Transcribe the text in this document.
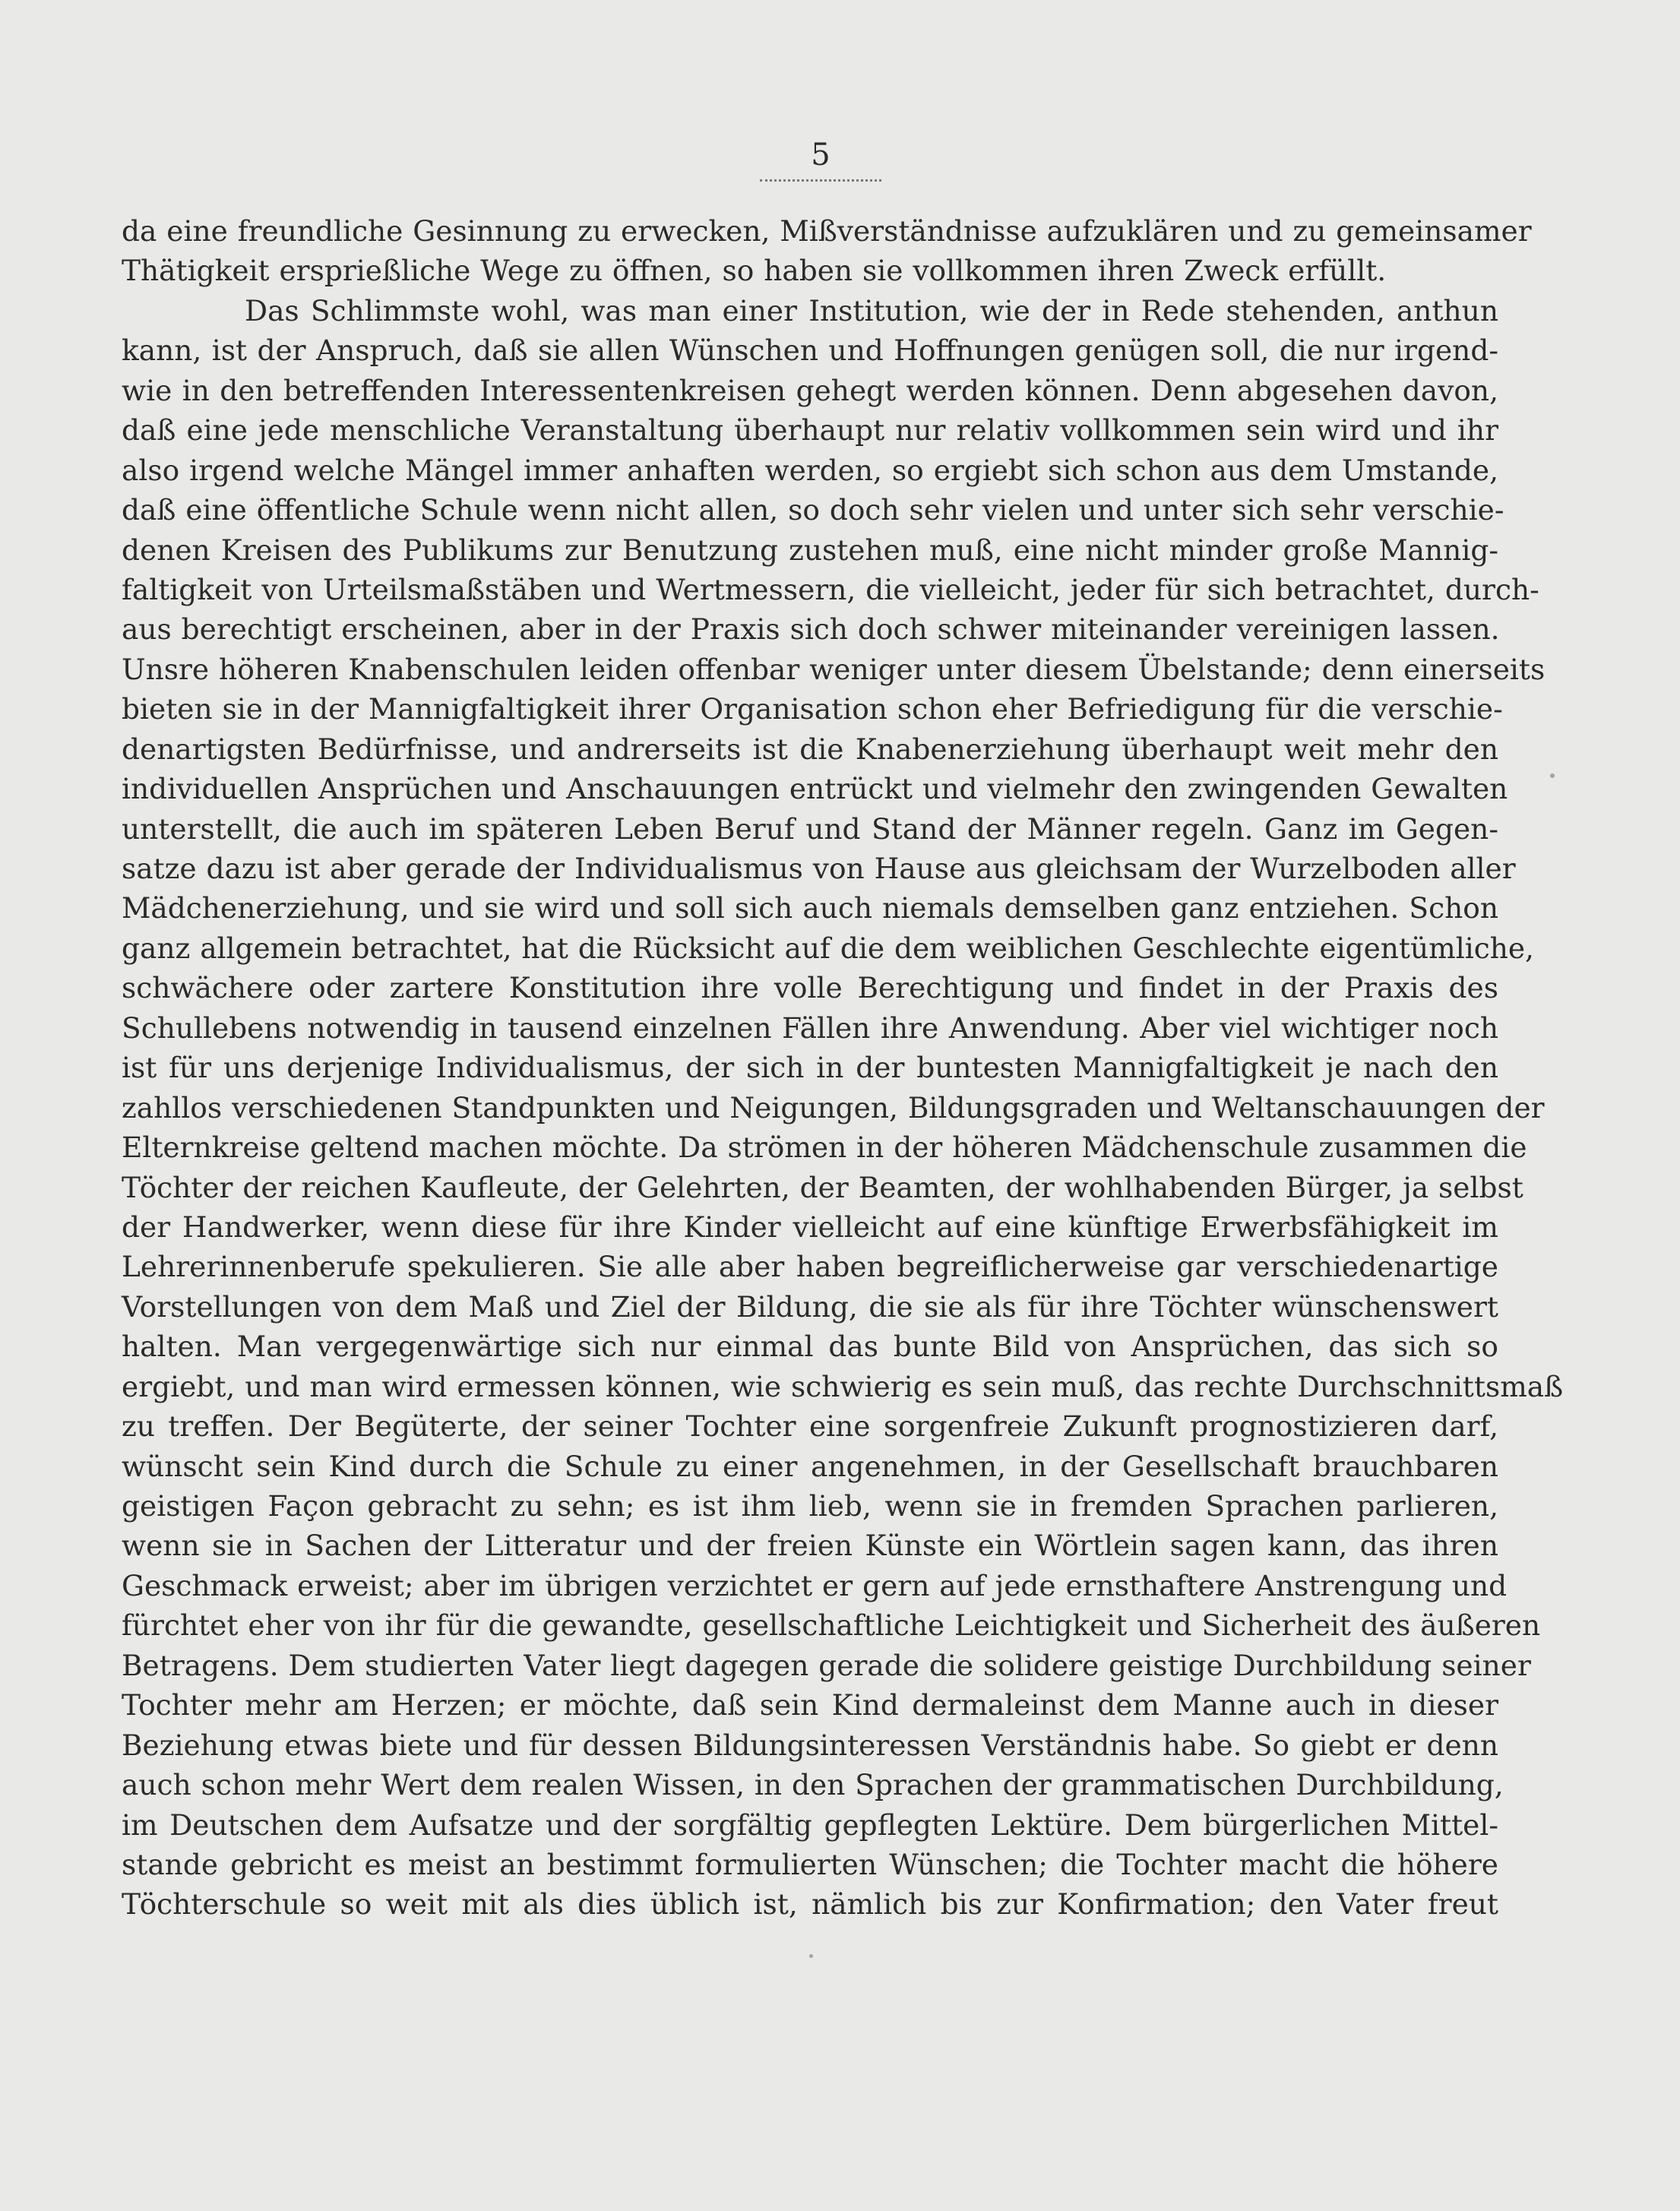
5
da eine freundliche Gesinnung zu erwecken, Mißverständnisse aufzuklären und zu gemeinsamer
Thätigkeit ersprießliche Wege zu öffnen, so haben sie vollkommen ihren Zweck erfüllt.
Das Schlimmste wohl, was man einer Institution, wie der in Rede stehenden, anthun
kann, ist der Anspruch, daß sie allen Wünschen und Hoffnungen genügen soll, die nur irgend-
wie in den betreffenden Interessentenkreisen gehegt werden können. Denn abgesehen davon,
daß eine jede menschliche Veranstaltung überhaupt nur relativ vollkommen sein wird und ihr
also irgend welche Mängel immer anhaften werden, so ergiebt sich schon aus dem Umstande,
daß eine öffentliche Schule wenn nicht allen, so doch sehr vielen und unter sich sehr verschie-
denen Kreisen des Publikums zur Benutzung zustehen muß, eine nicht minder große Mannig-
faltigkeit von Urteilsmaßstäben und Wertmessern, die vielleicht, jeder für sich betrachtet, durch-
aus berechtigt erscheinen, aber in der Praxis sich doch schwer miteinander vereinigen lassen.
Unsre höheren Knabenschulen leiden offenbar weniger unter diesem Übelstande; denn einerseits
bieten sie in der Mannigfaltigkeit ihrer Organisation schon eher Befriedigung für die verschie-
denartigsten Bedürfnisse, und andrerseits ist die Knabenerziehung überhaupt weit mehr den
individuellen Ansprüchen und Anschauungen entrückt und vielmehr den zwingenden Gewalten
unterstellt, die auch im späteren Leben Beruf und Stand der Männer regeln. Ganz im Gegen-
satze dazu ist aber gerade der Individualismus von Hause aus gleichsam der Wurzelboden aller
Mädchenerziehung, und sie wird und soll sich auch niemals demselben ganz entziehen. Schon
ganz allgemein betrachtet, hat die Rücksicht auf die dem weiblichen Geschlechte eigentümliche,
schwächere oder zartere Konstitution ihre volle Berechtigung und findet in der Praxis des
Schullebens notwendig in tausend einzelnen Fällen ihre Anwendung. Aber viel wichtiger noch
ist für uns derjenige Individualismus, der sich in der buntesten Mannigfaltigkeit je nach den
zahllos verschiedenen Standpunkten und Neigungen, Bildungsgraden und Weltanschauungen der
Elternkreise geltend machen möchte. Da strömen in der höheren Mädchenschule zusammen die
Töchter der reichen Kaufleute, der Gelehrten, der Beamten, der wohlhabenden Bürger, ja selbst
der Handwerker, wenn diese für ihre Kinder vielleicht auf eine künftige Erwerbsfähigkeit im
Lehrerinnenberufe spekulieren. Sie alle aber haben begreiflicherweise gar verschiedenartige
Vorstellungen von dem Maß und Ziel der Bildung, die sie als für ihre Töchter wünschenswert
halten. Man vergegenwärtige sich nur einmal das bunte Bild von Ansprüchen, das sich so
ergiebt, und man wird ermessen können, wie schwierig es sein muß, das rechte Durchschnittsmaß
zu treffen. Der Begüterte, der seiner Tochter eine sorgenfreie Zukunft prognostizieren darf,
wünscht sein Kind durch die Schule zu einer angenehmen, in der Gesellschaft brauchbaren
geistigen Façon gebracht zu sehn; es ist ihm lieb, wenn sie in fremden Sprachen parlieren,
wenn sie in Sachen der Litteratur und der freien Künste ein Wörtlein sagen kann, das ihren
Geschmack erweist; aber im übrigen verzichtet er gern auf jede ernsthaftere Anstrengung und
fürchtet eher von ihr für die gewandte, gesellschaftliche Leichtigkeit und Sicherheit des äußeren
Betragens. Dem studierten Vater liegt dagegen gerade die solidere geistige Durchbildung seiner
Tochter mehr am Herzen; er möchte, daß sein Kind dermaleinst dem Manne auch in dieser
Beziehung etwas biete und für dessen Bildungsinteressen Verständnis habe. So giebt er denn
auch schon mehr Wert dem realen Wissen, in den Sprachen der grammatischen Durchbildung,
im Deutschen dem Aufsatze und der sorgfältig gepflegten Lektüre. Dem bürgerlichen Mittel-
stande gebricht es meist an bestimmt formulierten Wünschen; die Tochter macht die höhere
Töchterschule so weit mit als dies üblich ist, nämlich bis zur Konfirmation; den Vater freut
